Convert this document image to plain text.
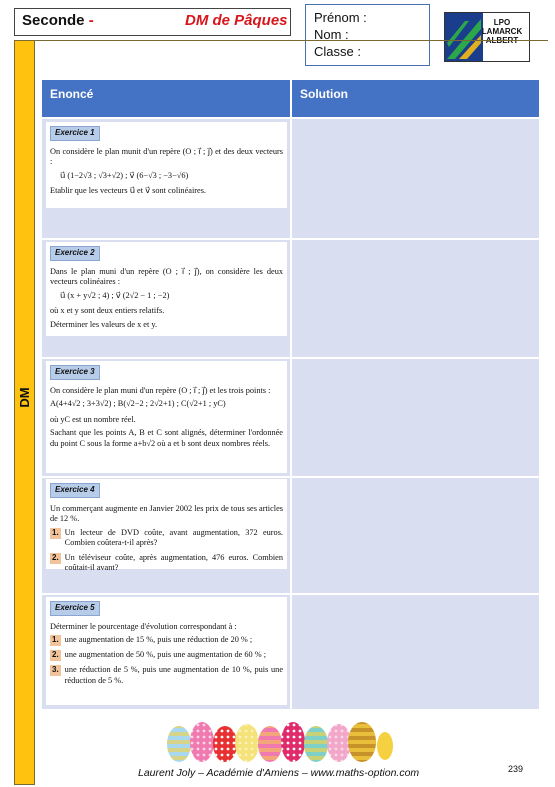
Seconde -	DM de Pâques Prénom :
Nom :
Classe :
LPO LAMARCK
ALBERT
DM
Enoncé	Solution
Exercice 1

On considère le plan munit d'un repère (O ; i⃗ ; j⃗) et des deux vecteurs :

u⃗ (1−2√3 ; √3+√2) ; v⃗ (6−√3 ; −3−√6)

Etablir que les vecteurs u⃗ et v⃗ sont colinéaires.

Exercice 2

Dans le plan muni d'un repère (O ; i⃗ ; j⃗), on considère les deux vecteurs colinéaires :

u⃗ (x + y√2 ; 4) ; v⃗ (2√2 − 1 ; −2)

où x et y sont deux entiers relatifs.

Déterminer les valeurs de x et y.

Exercice 3

On considère le plan muni d'un repère (O ; i⃗ ; j⃗) et les trois points :

A(4+4√2 ; 3+3√2) ; B(√2−2 ; 2√2+1) ; C(√2+1 ; yC)

où yC est un nombre réel.

Sachant que les points A, B et C sont alignés, déterminer l'ordonnée du point C sous la forme a+b√2 où a et b sont deux nombres réels.

Exercice 4

Un commerçant augmente en Janvier 2002 les prix de tous ses articles de 12 %.

1. Un lecteur de DVD coûte, avant augmentation, 372 euros. Combien coûtera-t-il après?
2. Un téléviseur coûte, après augmentation, 476 euros. Combien coûtait-il avant?
Exercice 5

Déterminer le pourcentage d'évolution correspondant à :

1. une augmentation de 15 %, puis une réduction de 20 % ;
2. une augmentation de 50 %, puis une augmentation de 60 % ;
3. une réduction de 5 %, puis une augmentation de 10 %, puis une réduction de 5 %.
Laurent Joly – Académie d'Amiens – www.maths-option.com	239
